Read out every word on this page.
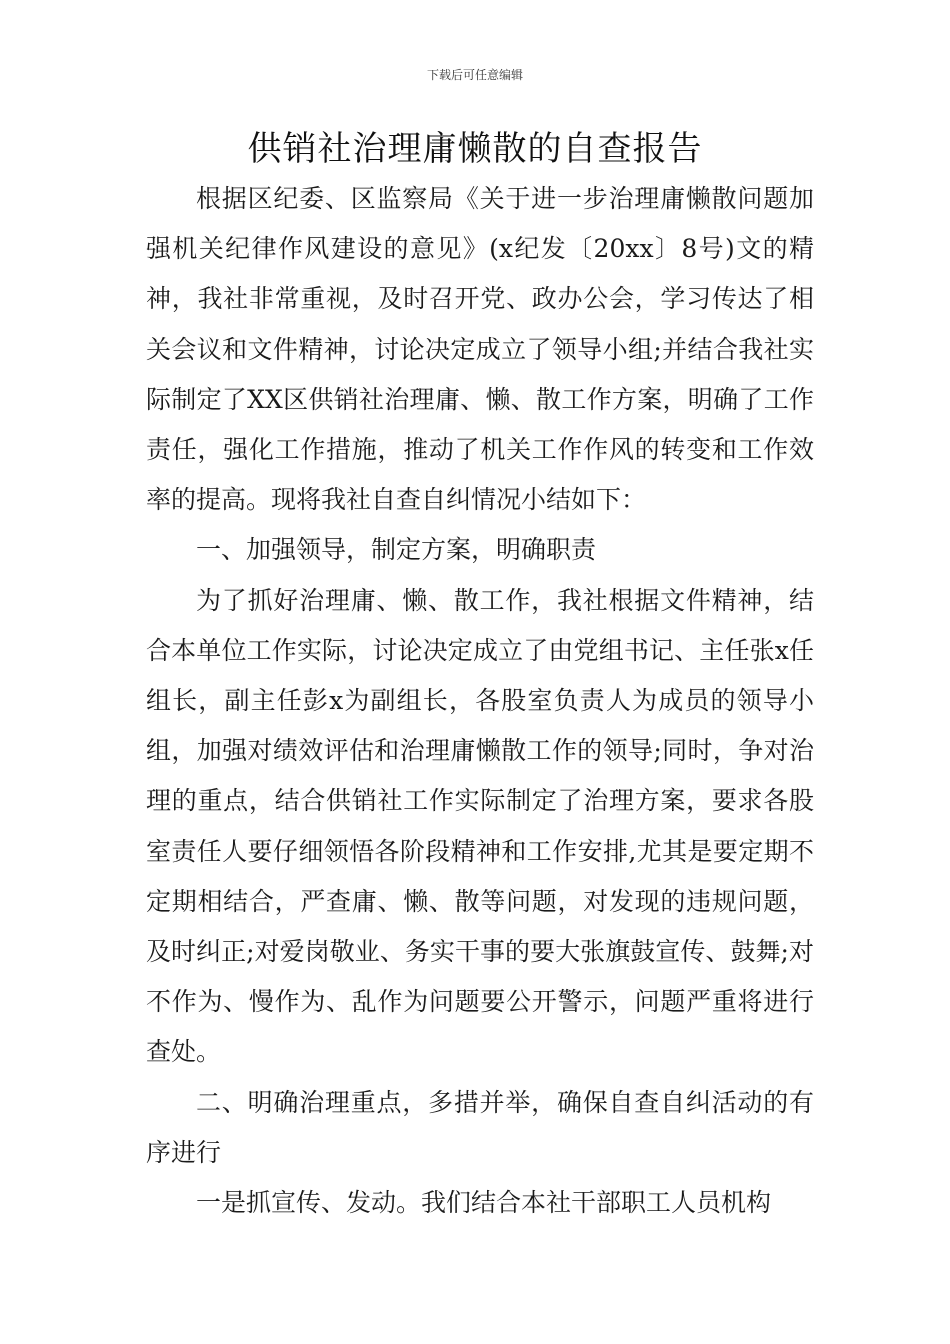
下载后可任意编辑
供销社治理庸懒散的自查报告

根据区纪委、区监察局《关于进一步治理庸懒散问题加强机关纪律作风建设的意见》(x纪发〔20xx〕8号)文的精神，我社非常重视，及时召开党、政办公会，学习传达了相关会议和文件精神，讨论决定成立了领导小组;并结合我社实际制定了XX区供销社治理庸、懒、散工作方案，明确了工作责任，强化工作措施，推动了机关工作作风的转变和工作效率的提高。现将我社自查自纠情况小结如下：

一、加强领导，制定方案，明确职责

为了抓好治理庸、懒、散工作，我社根据文件精神，结合本单位工作实际，讨论决定成立了由党组书记、主任张x任组长，副主任彭x为副组长，各股室负责人为成员的领导小组，加强对绩效评估和治理庸懒散工作的领导;同时，争对治理的重点，结合供销社工作实际制定了治理方案，要求各股室责任人要仔细领悟各阶段精神和工作安排,尤其是要定期不定期相结合，严查庸、懒、散等问题，对发现的违规问题，及时纠正;对爱岗敬业、务实干事的要大张旗鼓宣传、鼓舞;对不作为、慢作为、乱作为问题要公开警示，问题严重将进行查处。

二、明确治理重点，多措并举，确保自查自纠活动的有序进行

一是抓宣传、发动。我们结合本社干部职工人员机构
